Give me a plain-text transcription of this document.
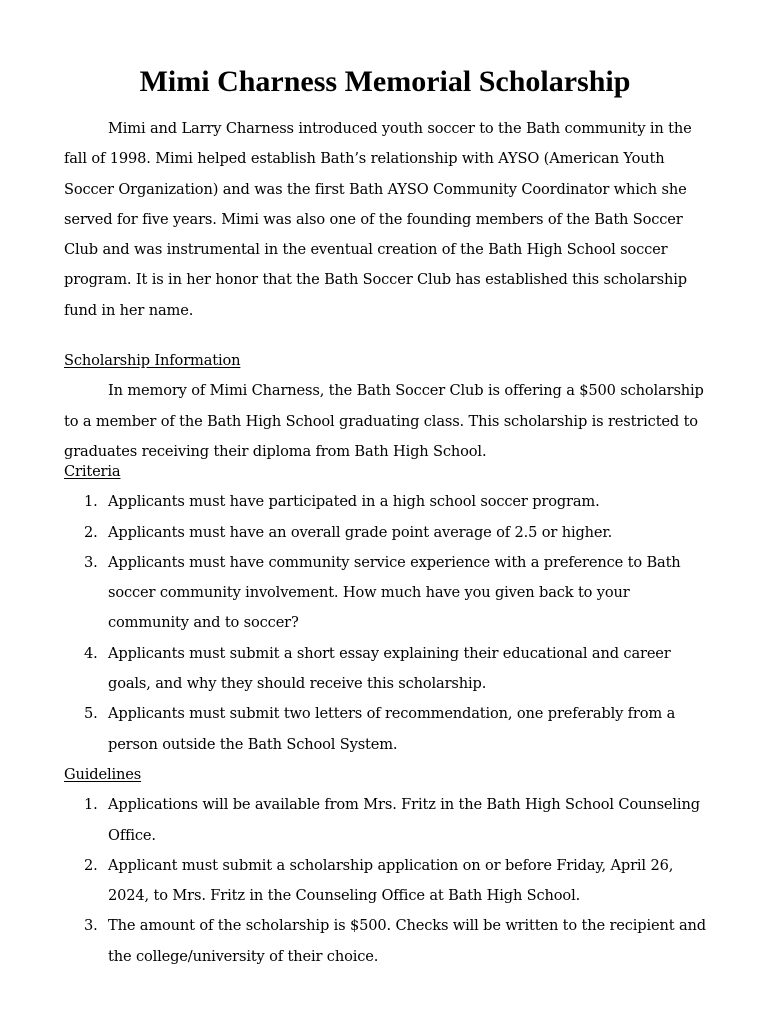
Mimi Charness Memorial Scholarship

Mimi and Larry Charness introduced youth soccer to the Bath community in the fall of 1998. Mimi helped establish Bath’s relationship with AYSO (American Youth Soccer Organization) and was the first Bath AYSO Community Coordinator which she served for five years. Mimi was also one of the founding members of the Bath Soccer Club and was instrumental in the eventual creation of the Bath High School soccer program. It is in her honor that the Bath Soccer Club has established this scholarship fund in her name.

Scholarship Information

In memory of Mimi Charness, the Bath Soccer Club is offering a $500 scholarship to a member of the Bath High School graduating class. This scholarship is restricted to graduates receiving their diploma from Bath High School.

Criteria
1. Applicants must have participated in a high school soccer program.
2. Applicants must have an overall grade point average of 2.5 or higher.
3. Applicants must have community service experience with a preference to Bath soccer community involvement. How much have you given back to your community and to soccer?
4. Applicants must submit a short essay explaining their educational and career goals, and why they should receive this scholarship.
5. Applicants must submit two letters of recommendation, one preferably from a person outside the Bath School System.
Guidelines
1. Applications will be available from Mrs. Fritz in the Bath High School Counseling Office.
2. Applicant must submit a scholarship application on or before Friday, April 26, 2024, to Mrs. Fritz in the Counseling Office at Bath High School.
3. The amount of the scholarship is $500. Checks will be written to the recipient and the college/university of their choice.
